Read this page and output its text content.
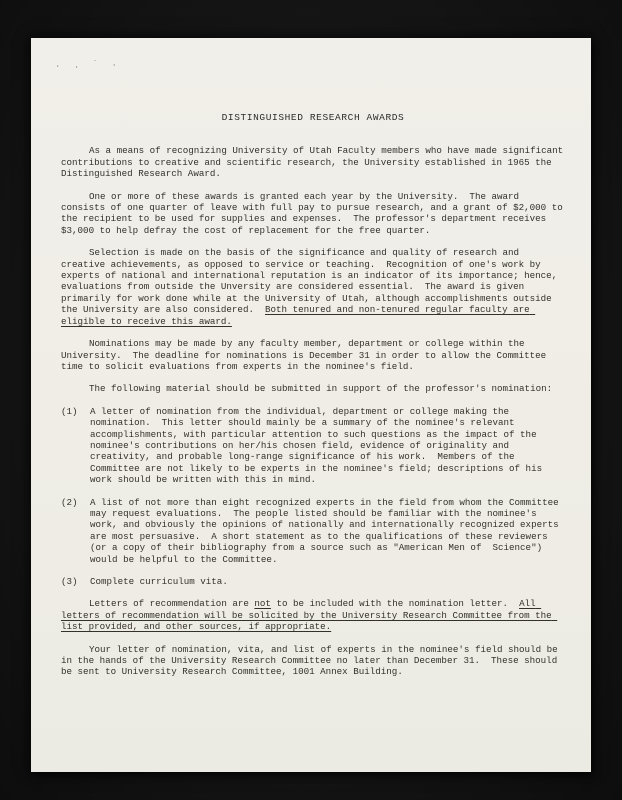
· . ˙ .
DISTINGUISHED RESEARCH AWARDS

As a means of recognizing University of Utah Faculty members who have made significant contributions to creative and scientific research, the University established in 1965 the Distinguished Research Award.

One or more of these awards is granted each year by the University.  The award consists of one quarter of leave with full pay to pursue research, and a grant of $2,000 to the recipient to be used for supplies and expenses.  The professor's department receives $3,000 to help defray the cost of replacement for the free quarter.

Selection is made on the basis of the significance and quality of research and creative achievements, as opposed to service or teaching.  Recognition of one's work by experts of national and international reputation is an indicator of its importance; hence, evaluations from outside the Unversity are considered essential.  The award is given primarily for work done while at the University of Utah, although accomplishments outside the University are also considered.  Both tenured and non-tenured regular faculty are eligible to receive this award.

Nominations may be made by any faculty member, department or college within the University.  The deadline for nominations is December 31 in order to allow the Committee time to solicit evaluations from experts in the nominee's field.

The following material should be submitted in support of the professor's nomination:

(1)	A letter of nomination from the individual, department or college making the nomination.  This letter should mainly be a summary of the nominee's relevant accomplishments, with particular attention to such questions as the impact of the nominee's contributions on her/his chosen field, evidence of originality and creativity, and probable long-range significance of his work.  Members of the Committee are not likely to be experts in the nominee's field; descriptions of his work should be written with this in mind.
(2)	A list of not more than eight recognized experts in the field from whom the Committee may request evaluations.  The people listed should be familiar with the nominee's work, and obviously the opinions of nationally and internationally recognized experts are most persuasive.  A short statement as to the qualifications of these reviewers (or a copy of their bibliography from a source such as "American Men of  Science") would be helpful to the Committee.
(3)	Complete curriculum vita.

Letters of recommendation are not to be included with the nomination letter.  All letters of recommendation will be solicited by the University Research Committee from the list provided, and other sources, if appropriate.

Your letter of nomination, vita, and list of experts in the nominee's field should be in the hands of the University Research Committee no later than December 31.  These should be sent to University Research Committee, 1001 Annex Building.
